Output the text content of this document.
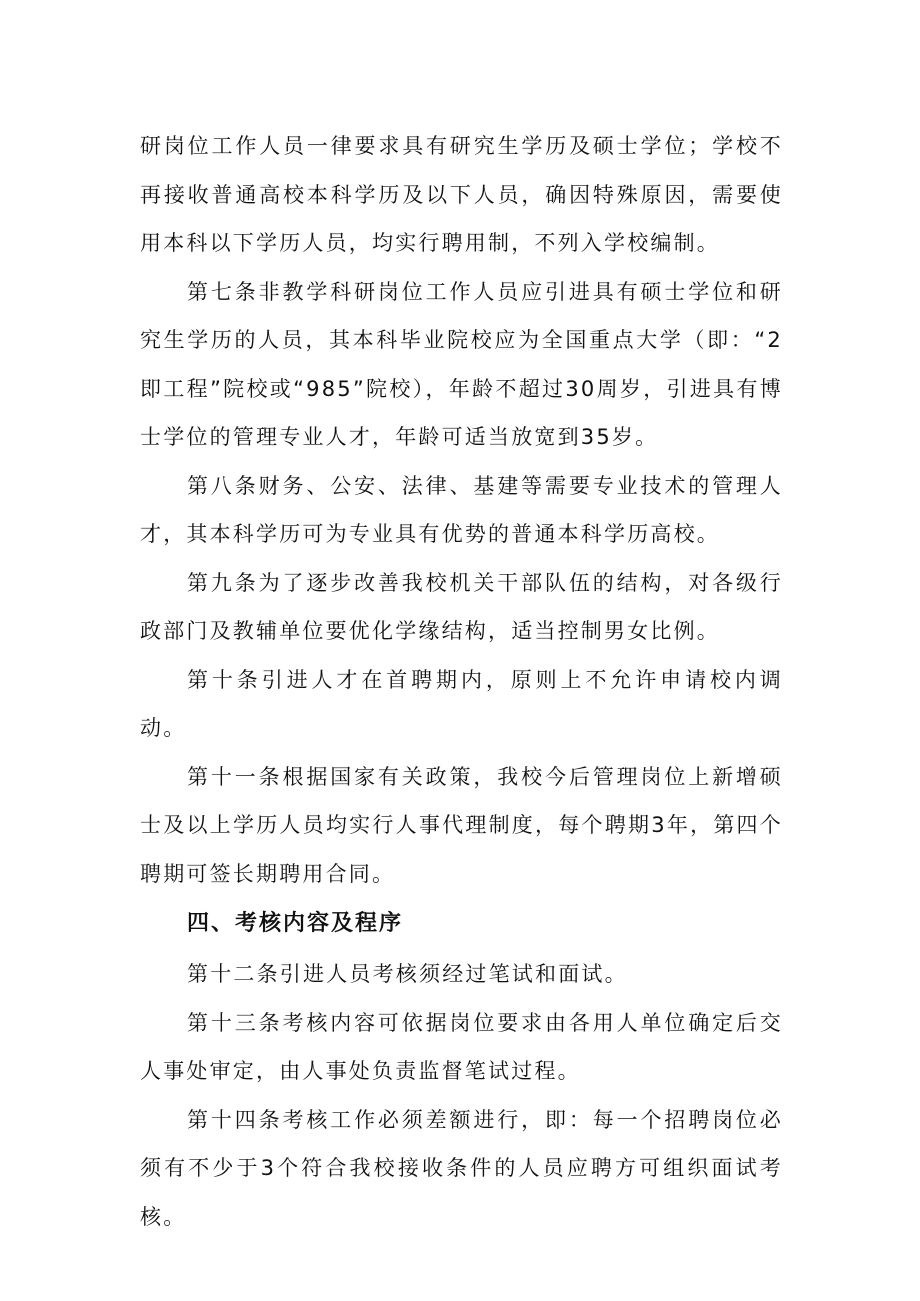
研岗位工作人员一律要求具有研究生学历及硕士学位；学校不再接收普通高校本科学历及以下人员，确因特殊原因，需要使用本科以下学历人员，均实行聘用制，不列入学校编制。

第七条非教学科研岗位工作人员应引进具有硕士学位和研究生学历的人员，其本科毕业院校应为全国重点大学（即：“2即工程”院校或“985”院校），年龄不超过30周岁，引进具有博士学位的管理专业人才，年龄可适当放宽到35岁。

第八条财务、公安、法律、基建等需要专业技术的管理人才，其本科学历可为专业具有优势的普通本科学历高校。

第九条为了逐步改善我校机关干部队伍的结构，对各级行政部门及教辅单位要优化学缘结构，适当控制男女比例。

第十条引进人才在首聘期内，原则上不允许申请校内调动。

第十一条根据国家有关政策，我校今后管理岗位上新增硕士及以上学历人员均实行人事代理制度，每个聘期3年，第四个聘期可签长期聘用合同。

四、考核内容及程序

第十二条引进人员考核须经过笔试和面试。

第十三条考核内容可依据岗位要求由各用人单位确定后交人事处审定，由人事处负责监督笔试过程。

第十四条考核工作必须差额进行，即：每一个招聘岗位必须有不少于3个符合我校接收条件的人员应聘方可组织面试考核。
